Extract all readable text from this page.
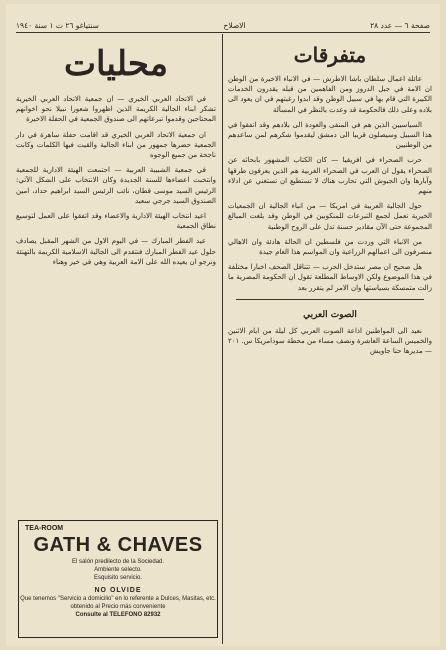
صفحة ٦ — عدد ٢٨
الاصلاح
سنتياغو ٢٦ ت ١ سنة ١٩٤٠
متفرقات

عائلة اعمال سلطان باشا الاطرش — في الانباء الاخيرة من الوطن ان الامة في جبل الدروز ومن الفاهمين من قبله يقدرون الخدمات الكبيرة التي قام بها في سبيل الوطن وقد ابدوا رغبتهم في ان يعود الى بلاده وعلى ذلك فالحكومة قد وعدت بالنظر في المسألة

السياسيين الذين هم في المنفى والعودة الى بلادهم وقد اتفقوا في هذا السبيل وسيصلون قريبا الى دمشق ليقدموا شكرهم لمن ساعدهم من الوطنيين

حرب الصحراء في افريقيا — كان الكتاب المشهور بابحاثه عن الصحراء يقول ان العرب في الصحراء الغربية هم الذين يعرفون طرقها وآبارها وان الجيوش التي تحارب هناك لا تستطيع ان تستغني عن ادلاء منهم

حول الجالية العربية في امريكا — من انباء الجالية ان الجمعيات الخيرية تعمل لجمع التبرعات للمنكوبين في الوطن وقد بلغت المبالغ المجموعة حتى الآن مقادير حسنة تدل على الروح الوطنية

من الانباء التي وردت من فلسطين ان الحالة هادئة وان الاهالي منصرفون الى اعمالهم الزراعية وان المواسم هذا العام جيدة

هل صحيح ان مصر ستدخل الحرب — تتناقل الصحف اخبارا مختلفة في هذا الموضوع ولكن الاوساط المطلعة تقول ان الحكومة المصرية ما زالت متمسكة بسياستها وان الامر لم يتقرر بعد

الصوت العربي

نعيد الى المواطنين اذاعة الصوت العربي كل ليلة من ايام الاثنين والخميس الساعة العاشرة ونصف مساء من محطة سودامريكا س. ٢٠١ — مديرها حنا جاويش

محليات

في الاتحاد العربي الخيري — ان جمعية الاتحاد العربي الخيرية تشكر ابناء الجالية الكريمة الذين اظهروا شعورا نبيلا نحو اخوانهم المحتاجين وقدموا تبرعاتهم الى صندوق الجمعية في الحفلة الاخيرة

ان جمعية الاتحاد العربي الخيري قد اقامت حفلة ساهرة في دار الجمعية حضرها جمهور من ابناء الجالية والقيت فيها الكلمات وكانت ناجحة من جميع الوجوه

في جمعية الشبيبة العربية — اجتمعت الهيئة الادارية للجمعية وانتخبت اعضاءها للسنة الجديدة وكان الانتخاب على الشكل الآتي: الرئيس السيد موسى قطان، نائب الرئيس السيد ابراهيم حداد، امين الصندوق السيد جرجي سعيد

اعيد انتخاب الهيئة الادارية والاعضاء وقد اتفقوا على العمل لتوسيع نطاق الجمعية

عيد الفطر المبارك — في اليوم الاول من الشهر المقبل يصادف حلول عيد الفطر المبارك فنتقدم الى الجالية الاسلامية الكريمة بالتهنئة ونرجو ان يعيده الله على الامة العربية وهي في خير وهناء

TEA-ROOM
GATH & CHAVES
El salón predilecto de la Sociedad.
Ambiente selecto.
Esquisito servicio.
NO OLVIDE
Que tenemos "Servicio a domicilio" en lo referente a Dulces, Masitas, etc.
obtenido al Precio más conveniente
Consulte al TELEFONO 82932
